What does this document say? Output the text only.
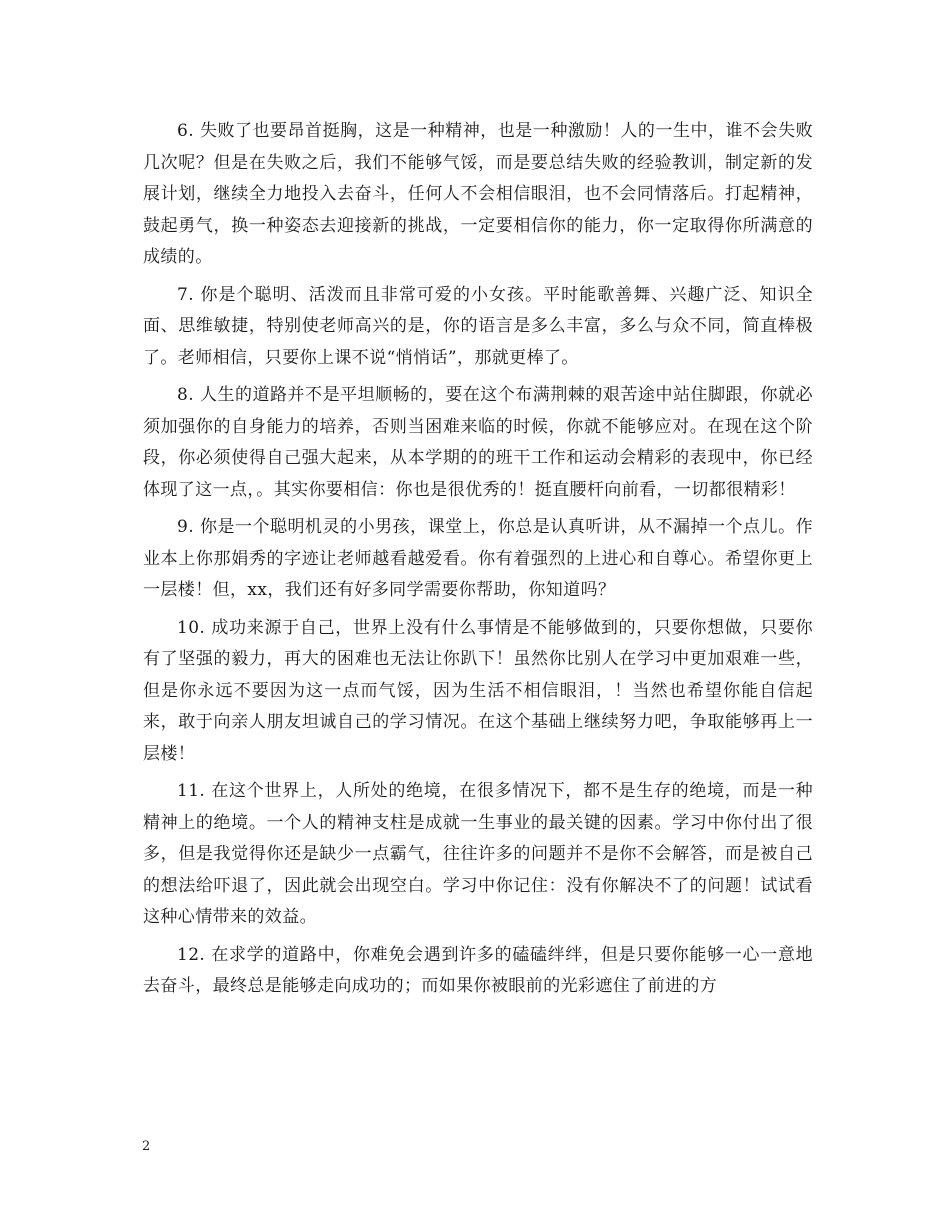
6. 失败了也要昂首挺胸，这是一种精神，也是一种激励！人的一生中，谁不会失败几次呢？但是在失败之后，我们不能够气馁，而是要总结失败的经验教训，制定新的发展计划，继续全力地投入去奋斗，任何人不会相信眼泪，也不会同情落后。打起精神，鼓起勇气，换一种姿态去迎接新的挑战，一定要相信你的能力，你一定取得你所满意的成绩的。

7. 你是个聪明、活泼而且非常可爱的小女孩。平时能歌善舞、兴趣广泛、知识全面、思维敏捷，特别使老师高兴的是，你的语言是多么丰富，多么与众不同，简直棒极了。老师相信，只要你上课不说“悄悄话”，那就更棒了。

8. 人生的道路并不是平坦顺畅的，要在这个布满荆棘的艰苦途中站住脚跟，你就必须加强你的自身能力的培养，否则当困难来临的时候，你就不能够应对。在现在这个阶段，你必须使得自己强大起来，从本学期的的班干工作和运动会精彩的表现中，你已经体现了这一点，。其实你要相信：你也是很优秀的！挺直腰杆向前看，一切都很精彩！

9. 你是一个聪明机灵的小男孩，课堂上，你总是认真听讲，从不漏掉一个点儿。作业本上你那娟秀的字迹让老师越看越爱看。你有着强烈的上进心和自尊心。希望你更上一层楼！但，xx，我们还有好多同学需要你帮助，你知道吗？

10. 成功来源于自己，世界上没有什么事情是不能够做到的，只要你想做，只要你有了坚强的毅力，再大的困难也无法让你趴下！虽然你比别人在学习中更加艰难一些，但是你永远不要因为这一点而气馁，因为生活不相信眼泪，！当然也希望你能自信起来，敢于向亲人朋友坦诚自己的学习情况。在这个基础上继续努力吧，争取能够再上一层楼！

11. 在这个世界上，人所处的绝境，在很多情况下，都不是生存的绝境，而是一种精神上的绝境。一个人的精神支柱是成就一生事业的最关键的因素。学习中你付出了很多，但是我觉得你还是缺少一点霸气，往往许多的问题并不是你不会解答，而是被自己的想法给吓退了，因此就会出现空白。学习中你记住：没有你解决不了的问题！试试看这种心情带来的效益。

12. 在求学的道路中，你难免会遇到许多的磕磕绊绊，但是只要你能够一心一意地去奋斗，最终总是能够走向成功的；而如果你被眼前的光彩遮住了前进的方

2
